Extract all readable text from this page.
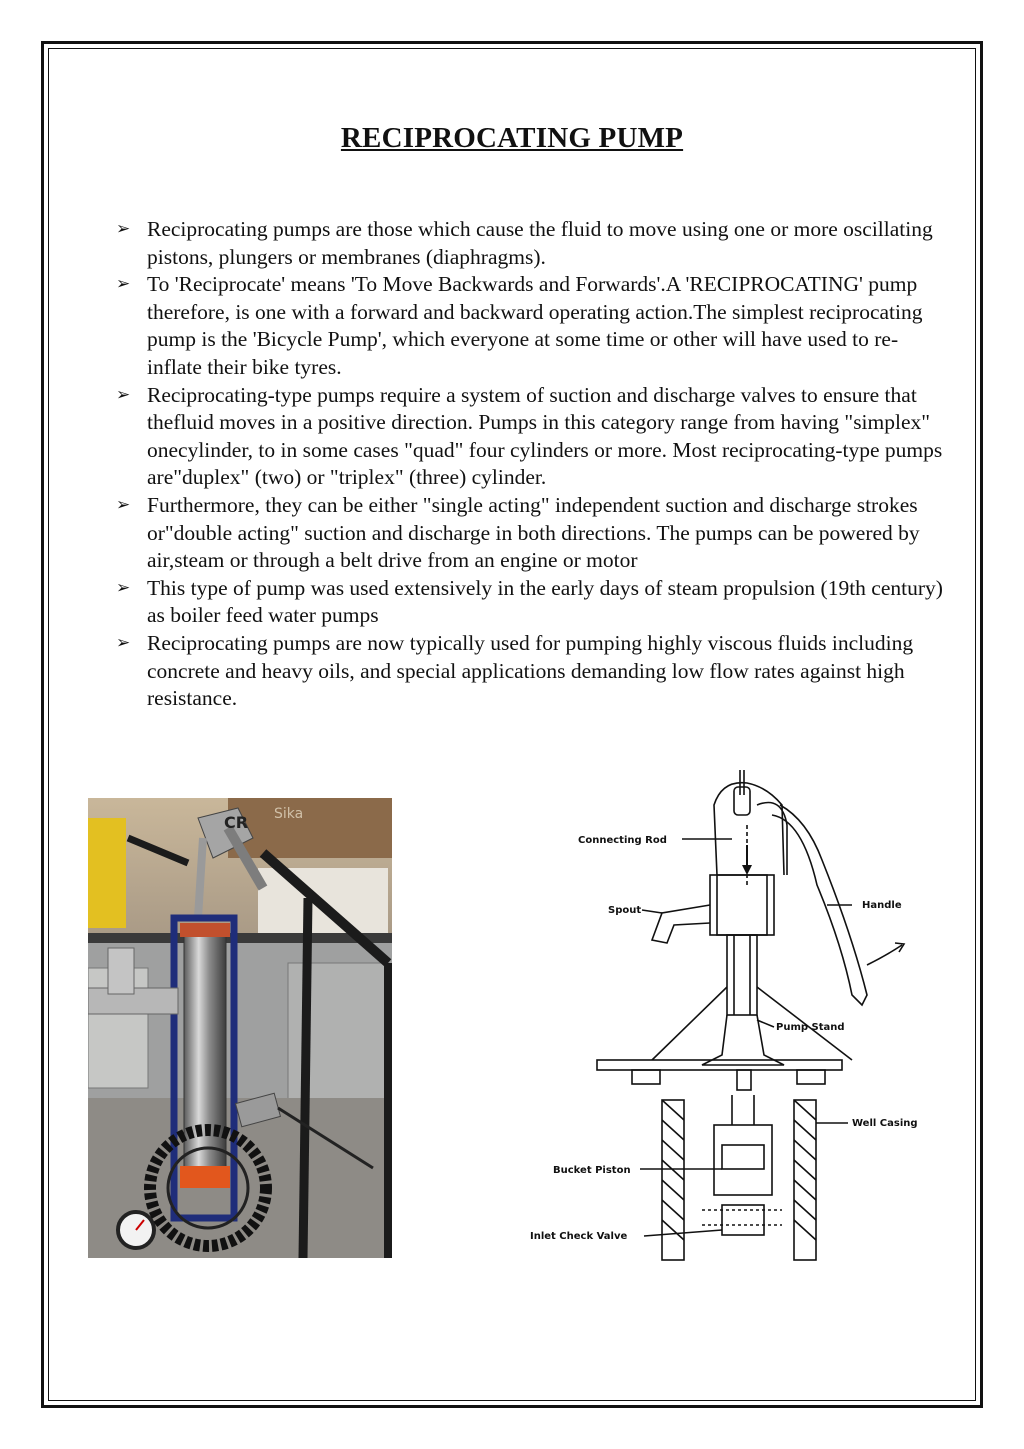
RECIPROCATING PUMP
➢ Reciprocating pumps are those which cause the fluid to move using one or more oscillating pistons, plungers or membranes (diaphragms).
➢ To 'Reciprocate' means 'To Move Backwards and Forwards'.A 'RECIPROCATING' pump therefore, is one with a forward and backward operating action.The simplest reciprocating pump is the 'Bicycle Pump', which everyone at some time or other will have used to re-inflate their bike tyres.
➢ Reciprocating-type pumps require a system of suction and discharge valves to ensure that thefluid moves in a positive direction. Pumps in this category range from having "simplex" onecylinder, to in some cases "quad" four cylinders or more. Most reciprocating-type pumps are"duplex" (two) or "triplex" (three) cylinder.
➢ Furthermore, they can be either "single acting" independent suction and discharge strokes or"double acting" suction and discharge in both directions. The pumps can be powered by air,steam or through a belt drive from an engine or motor
➢ This type of pump was used extensively in the early days of steam propulsion (19th century) as boiler feed water pumps
➢ Reciprocating pumps are now typically used for pumping highly viscous fluids including concrete and heavy oils, and special applications demanding low flow rates against high resistance.
CR Sika
Connecting Rod
Spout	Handle
Pump Stand
Well Casing
Bucket Piston
Inlet Check Valve
